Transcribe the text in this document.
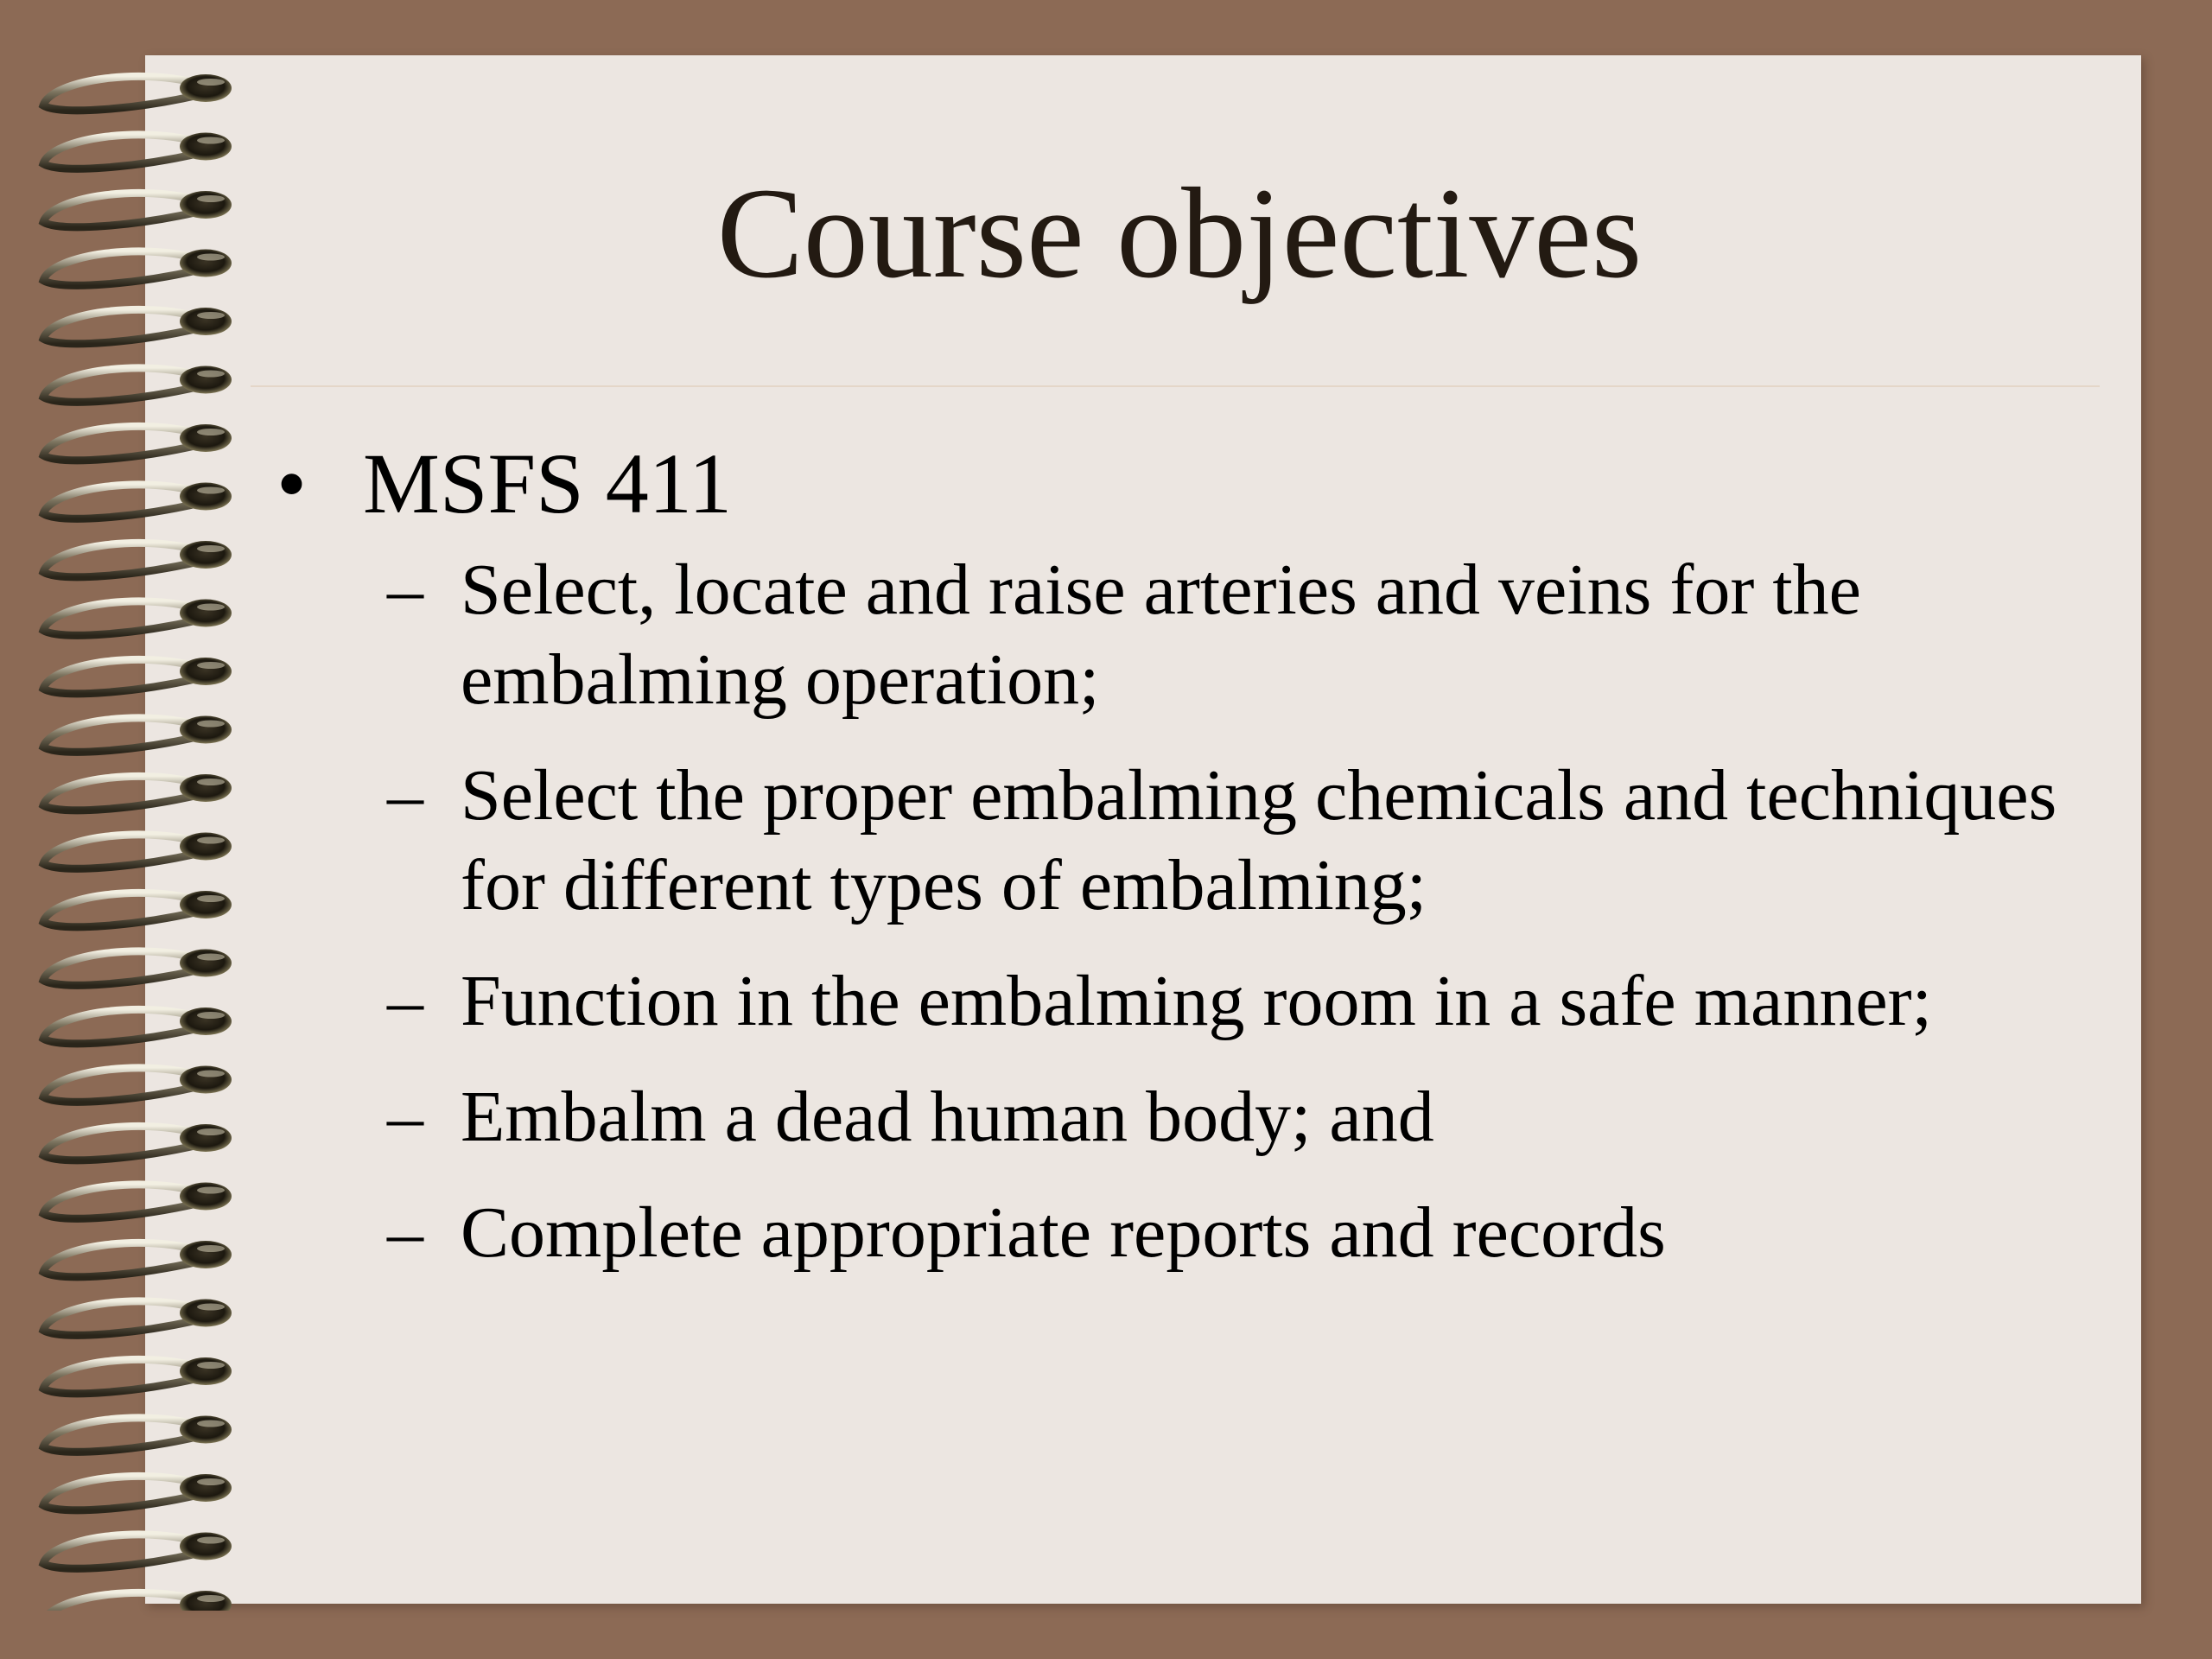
Course objectives
• MSFS 411
– Select, locate and raise arteries and veins for the embalming operation;
– Select the proper embalming chemicals and techniques for different types of embalming;
– Function in the embalming room in a safe manner;
– Embalm a dead human body; and
– Complete appropriate reports and records
